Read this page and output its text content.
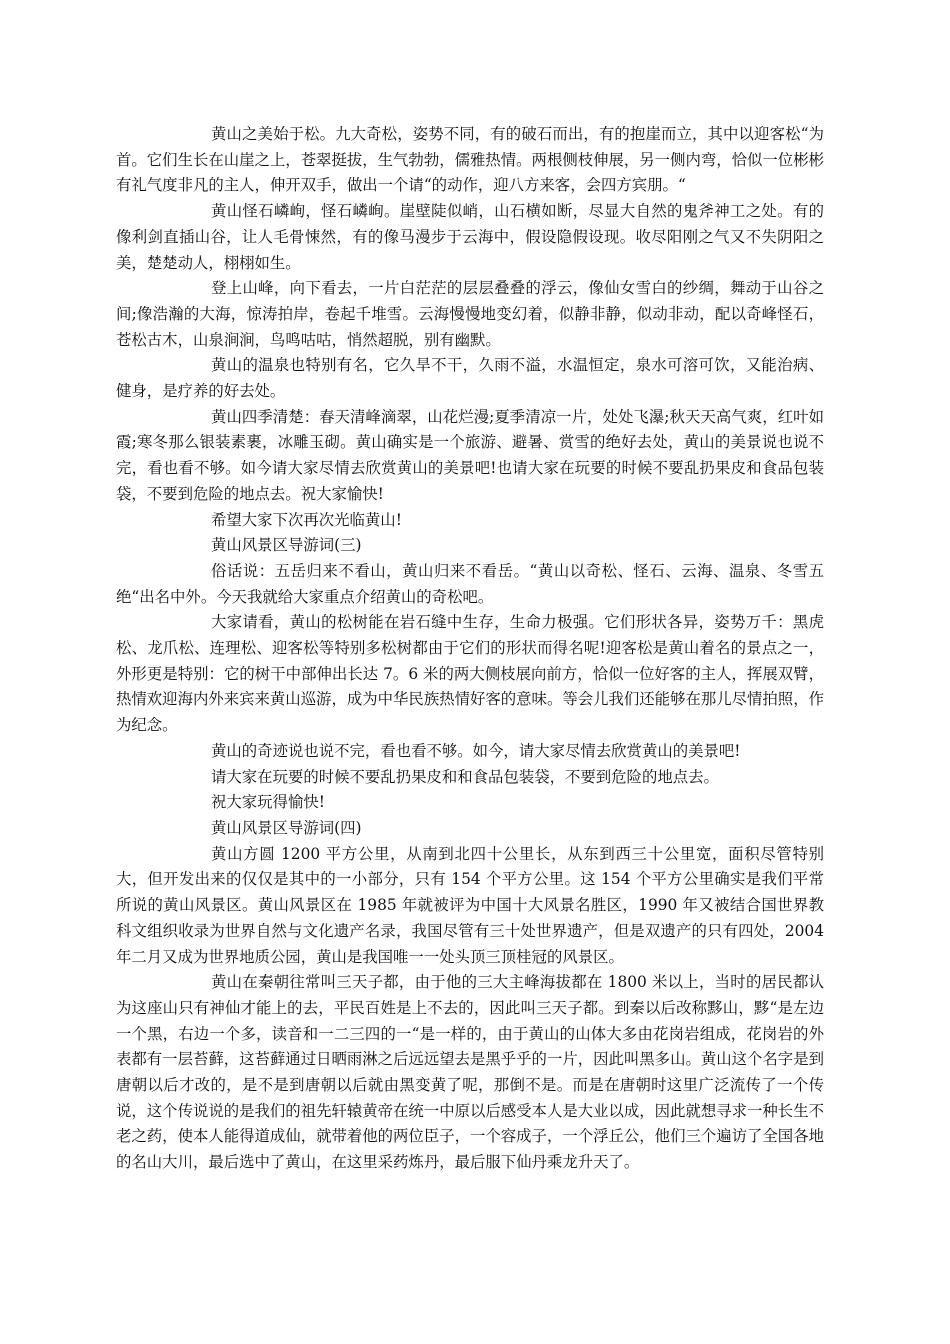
黄山之美始于松。九大奇松，姿势不同，有的破石而出，有的抱崖而立，其中以迎客松“为首。它们生长在山崖之上，苍翠挺拔，生气勃勃，儒雅热情。两根侧枝伸展，另一侧内弯，恰似一位彬彬有礼气度非凡的主人，伸开双手，做出一个请“的动作，迎八方来客，会四方宾朋。“

黄山怪石嶙峋，怪石嶙峋。崖壁陡似峭，山石横如断，尽显大自然的鬼斧神工之处。有的像利剑直插山谷，让人毛骨悚然，有的像马漫步于云海中，假设隐假设现。收尽阳刚之气又不失阴阳之美，楚楚动人，栩栩如生。

登上山峰，向下看去，一片白茫茫的层层叠叠的浮云，像仙女雪白的纱绸，舞动于山谷之间;像浩瀚的大海，惊涛拍岸，卷起千堆雪。云海慢慢地变幻着，似静非静，似动非动，配以奇峰怪石，苍松古木，山泉涧涧，鸟鸣咕咕，悄然超脱，别有幽默。

黄山的温泉也特别有名，它久旱不干，久雨不溢，水温恒定，泉水可溶可饮，又能治病、健身，是疗养的好去处。

黄山四季清楚：春天清峰滴翠，山花烂漫;夏季清凉一片，处处飞瀑;秋天天高气爽，红叶如霞;寒冬那么银装素裹，冰雕玉砌。黄山确实是一个旅游、避暑、赏雪的绝好去处，黄山的美景说也说不完，看也看不够。如今请大家尽情去欣赏黄山的美景吧!也请大家在玩要的时候不要乱扔果皮和食品包装袋，不要到危险的地点去。祝大家愉快!

希望大家下次再次光临黄山!

黄山风景区导游词(三)

俗话说：五岳归来不看山，黄山归来不看岳。“黄山以奇松、怪石、云海、温泉、冬雪五绝“出名中外。今天我就给大家重点介绍黄山的奇松吧。

大家请看，黄山的松树能在岩石缝中生存，生命力极强。它们形状各异，姿势万千：黑虎松、龙爪松、连理松、迎客松等特别多松树都由于它们的形状而得名呢!迎客松是黄山着名的景点之一，外形更是特别：它的树干中部伸出长达 7。6 米的两大侧枝展向前方，恰似一位好客的主人，挥展双臂，热情欢迎海内外来宾来黄山巡游，成为中华民族热情好客的意味。等会儿我们还能够在那儿尽情拍照，作为纪念。

黄山的奇迹说也说不完，看也看不够。如今，请大家尽情去欣赏黄山的美景吧!

请大家在玩要的时候不要乱扔果皮和和食品包装袋，不要到危险的地点去。

祝大家玩得愉快!

黄山风景区导游词(四)

黄山方圆 1200 平方公里，从南到北四十公里长，从东到西三十公里宽，面积尽管特别大，但开发出来的仅仅是其中的一小部分，只有 154 个平方公里。这 154 个平方公里确实是我们平常所说的黄山风景区。黄山风景区在 1985 年就被评为中国十大风景名胜区，1990 年又被结合国世界教科文组织收录为世界自然与文化遗产名录，我国尽管有三十处世界遗产，但是双遗产的只有四处，2004 年二月又成为世界地质公园，黄山是我国唯一一处头顶三顶桂冠的风景区。

黄山在秦朝往常叫三天子都，由于他的三大主峰海拔都在 1800 米以上，当时的居民都认为这座山只有神仙才能上的去，平民百姓是上不去的，因此叫三天子都。到秦以后改称黟山，黟“是左边一个黑，右边一个多，读音和一二三四的一“是一样的，由于黄山的山体大多由花岗岩组成，花岗岩的外表都有一层苔藓，这苔藓通过日晒雨淋之后远远望去是黑乎乎的一片，因此叫黑多山。黄山这个名字是到唐朝以后才改的，是不是到唐朝以后就由黑变黄了呢，那倒不是。而是在唐朝时这里广泛流传了一个传说，这个传说说的是我们的祖先轩辕黄帝在统一中原以后感受本人是大业以成，因此就想寻求一种长生不老之药，使本人能得道成仙，就带着他的两位臣子，一个容成子，一个浮丘公，他们三个遍访了全国各地的名山大川，最后选中了黄山，在这里采药炼丹，最后服下仙丹乘龙升天了。
